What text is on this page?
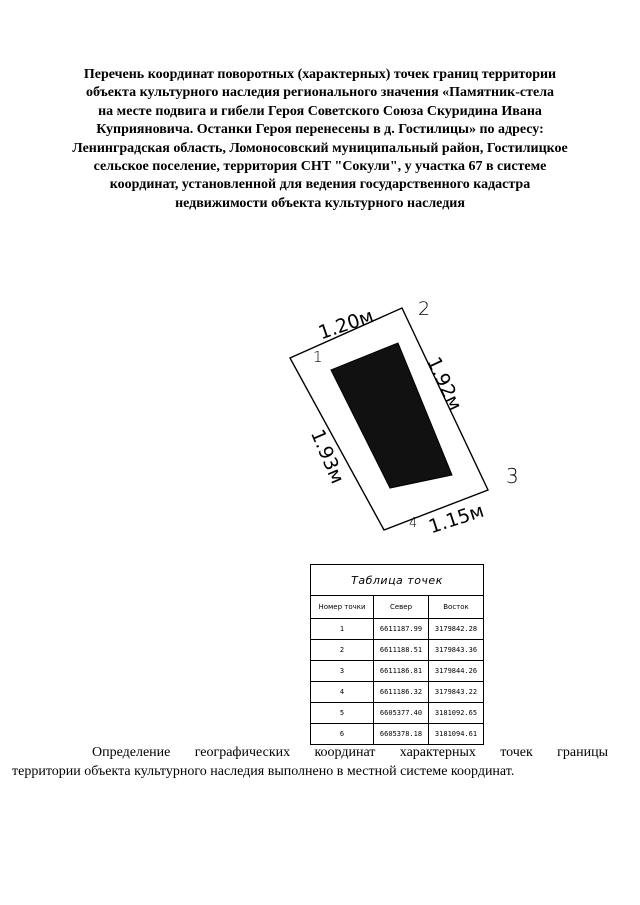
Перечень координат поворотных (характерных) точек границ территории
объекта культурного наследия регионального значения «Памятник-стела
на месте подвига и гибели Героя Советского Союза Скуридина Ивана
Куприяновича. Останки Героя перенесены в д. Гостилицы» по адресу:
Ленинградская область, Ломоносовский муниципальный район, Гостилицкое
сельское поселение, территория СНТ "Сокули", у участка 67 в системе
координат, установленной для ведения государственного кадастра
недвижимости объекта культурного наследия
1.20м
1.92м
1.93м
1.15м
1
2
3
4
Таблица точек		
Номер точки	Север	Восток
1	6611187.99	3179842.28
2	6611188.51	3179843.36
3	6611186.81	3179844.26
4	6611186.32	3179843.22
5	6605377.40	3181092.65
6	6605378.18	3181094.61
Определение географических координат характерных точек границы
территории объекта культурного наследия выполнено в местной системе координат.
